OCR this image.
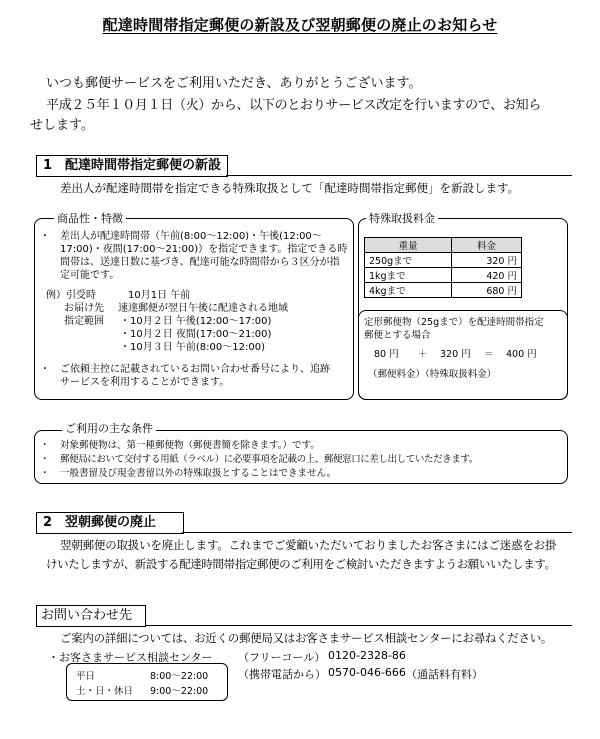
配達時間帯指定郵便の新設及び翌朝郵便の廃止のお知らせ
いつも郵便サービスをご利用いただき、ありがとうございます。
平成２５年１０月１日（火）から、以下のとおりサービス改定を行いますので、お知ら
せします。
1　配達時間帯指定郵便の新設
差出人が配達時間帯を指定できる特殊取扱として「配達時間帯指定郵便」を新設します。
商品性・特徴
・ 差出人が配達時間帯（午前(8:00～12:00)・午後(12:00～
17:00)・夜間(17:00～21:00)）を指定できます。指定できる時
間帯は、送達日数に基づき、配達可能な時間帯から３区分が指
定可能です。
例）引受時	10月1日 午前
お届け先 速達郵便が翌日午後に配達される地域
指定範囲 ・10月２日 午後(12:00～17:00)
・10月２日 夜間(17:00～21:00)
・10月３日 午前(8:00～12:00)
・ ご依頼主控に記載されているお問い合わせ番号により、追跡
サービスを利用することができます。
特殊取扱料金
重量	料金
250gまで	320 円
1kgまで	420 円
4kgまで	680 円
定形郵便物（25gまで）を配達時間帯指定
郵便とする場合
80 円 ＋ 320 円 ＝ 400 円
（郵便料金）（特殊取扱料金）
ご利用の主な条件
・ 対象郵便物は、第一種郵便物（郵便書簡を除きます。）です。
・ 郵便局において交付する用紙（ラベル）に必要事項を記載の上、郵便窓口に差し出していただきます。
・ 一般書留及び現金書留以外の特殊取扱とすることはできません。
2　翌朝郵便の廃止
翌朝郵便の取扱いを廃止します。これまでご愛顧いただいておりましたお客さまにはご迷惑をお掛
けいたしますが、新設する配達時間帯指定郵便のご利用をご検討いただきますようお願いいたします。
お問い合わせ先
ご案内の詳細については、お近くの郵便局又はお客さまサービス相談センターにお尋ねください。
・お客さまサービス相談センター （フリーコール） 0120-2328-86
（携帯電話から） 0570-046-666 （通話料有料）
平日	8:00～22:00
土・日・休日 9:00～22:00
